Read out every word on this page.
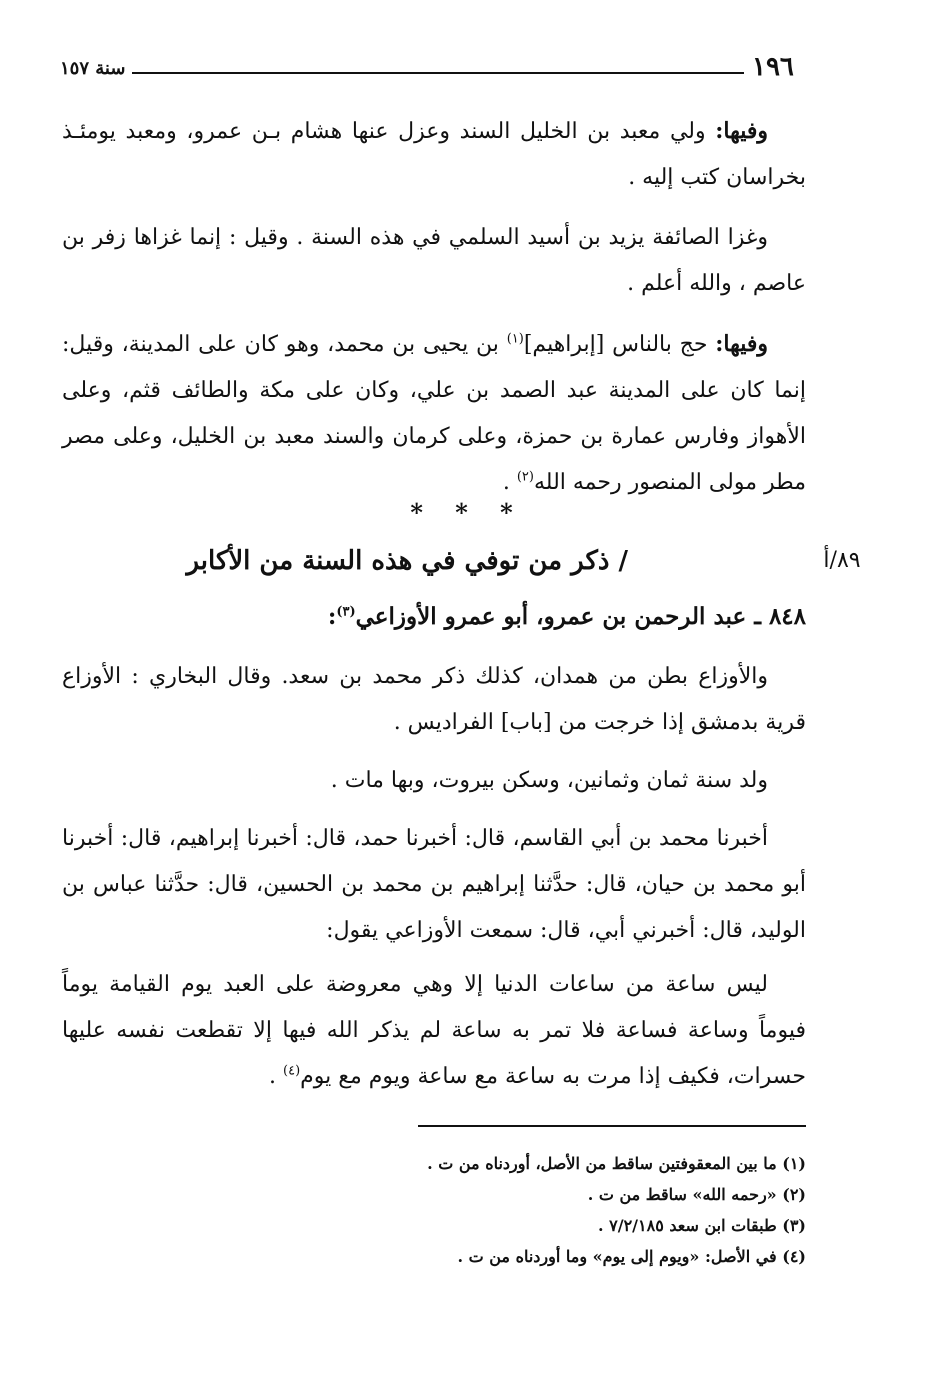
سنة ١٥٧	١٩٦

وفيها: ولي معبد بن الخليل السند وعزل عنها هشام بـن عمرو، ومعبد يومئـذ بخراسان كتب إليه .

وغزا الصائفة يزيد بن أسيد السلمي في هذه السنة . وقيل : إنما غزاها زفر بن عاصم ، والله أعلم .

وفيها: حج بالناس [إبراهيم]$^{(١)}$ بن يحيى بن محمد، وهو كان على المدينة، وقيل: إنما كان على المدينة عبد الصمد بن علي، وكان على مكة والطائف قثم، وعلى الأهواز وفارس عمارة بن حمزة، وعلى كرمان والسند معبد بن الخليل، وعلى مصر مطر مولى المنصور رحمه الله$^{(٢)}$ .

* * *
٨٩/أ
/ ذكر من توفي في هذه السنة من الأكابر
٨٤٨ ـ عبد الرحمن بن عمرو، أبو عمرو الأوزاعي$^{(٣)}$:

والأوزاع بطن من همدان، كذلك ذكر محمد بن سعد. وقال البخاري : الأوزاع قرية بدمشق إذا خرجت من [باب] الفراديس .

ولد سنة ثمان وثمانين، وسكن بيروت، وبها مات .

أخبرنا محمد بن أبي القاسم، قال: أخبرنا حمد، قال: أخبرنا إبراهيم، قال: أخبرنا أبو محمد بن حيان، قال: حدَّثنا إبراهيم بن محمد بن الحسين، قال: حدَّثنا عباس بن الوليد، قال: أخبرني أبي، قال: سمعت الأوزاعي يقول:

ليس ساعة من ساعات الدنيا إلا وهي معروضة على العبد يوم القيامة يوماً فيوماً وساعة فساعة فلا تمر به ساعة لم يذكر الله فيها إلا تقطعت نفسه عليها حسرات، فكيف إذا مرت به ساعة مع ساعة ويوم مع يوم$^{(٤)}$ .

(١) ما بين المعقوفتين ساقط من الأصل، أوردناه من ت .

(٢) «رحمه الله» ساقط من ت .

(٣) طبقات ابن سعد ٧/٢/١٨٥ .

(٤) في الأصل: «ويوم إلى يوم» وما أوردناه من ت .
